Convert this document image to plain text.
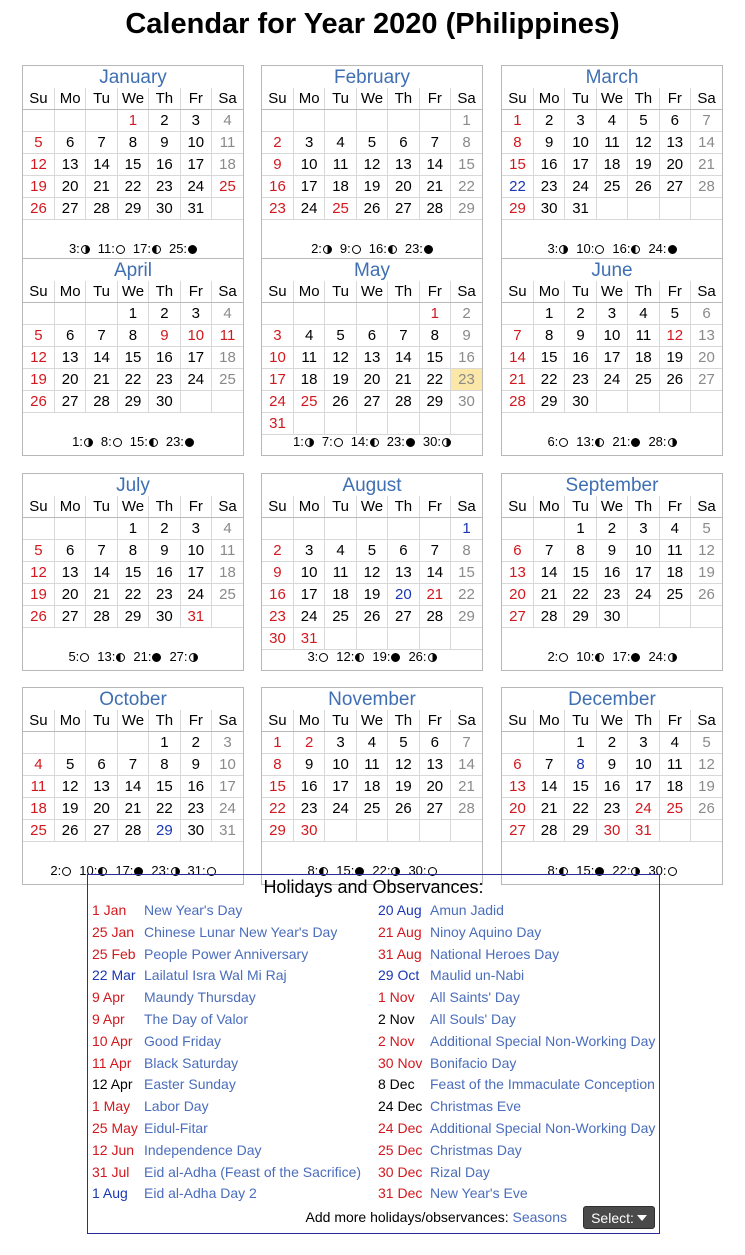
Calendar for Year 2020 (Philippines)
January
Su	Mo	Tu	We	Th	Fr	Sa
			1	2	3	4
5	6	7	8	9	10	11
12	13	14	15	16	17	18
19	20	21	22	23	24	25
26	27	28	29	30	31	
3: 11: 17: 25:
February
Su	Mo	Tu	We	Th	Fr	Sa
						1
2	3	4	5	6	7	8
9	10	11	12	13	14	15
16	17	18	19	20	21	22
23	24	25	26	27	28	29
2: 9: 16: 23:
March
Su	Mo	Tu	We	Th	Fr	Sa
1	2	3	4	5	6	7
8	9	10	11	12	13	14
15	16	17	18	19	20	21
22	23	24	25	26	27	28
29	30	31				
3: 10: 16: 24:
April
Su	Mo	Tu	We	Th	Fr	Sa
			1	2	3	4
5	6	7	8	9	10	11
12	13	14	15	16	17	18
19	20	21	22	23	24	25
26	27	28	29	30		
1: 8: 15: 23:
May
Su	Mo	Tu	We	Th	Fr	Sa
					1	2
3	4	5	6	7	8	9
10	11	12	13	14	15	16
17	18	19	20	21	22	23
24	25	26	27	28	29	30
31						
1: 7: 14: 23: 30:
June
Su	Mo	Tu	We	Th	Fr	Sa
	1	2	3	4	5	6
7	8	9	10	11	12	13
14	15	16	17	18	19	20
21	22	23	24	25	26	27
28	29	30				
6: 13: 21: 28:
July
Su	Mo	Tu	We	Th	Fr	Sa
			1	2	3	4
5	6	7	8	9	10	11
12	13	14	15	16	17	18
19	20	21	22	23	24	25
26	27	28	29	30	31	
5: 13: 21: 27:
August
Su	Mo	Tu	We	Th	Fr	Sa
						1
2	3	4	5	6	7	8
9	10	11	12	13	14	15
16	17	18	19	20	21	22
23	24	25	26	27	28	29
30	31					
3: 12: 19: 26:
September
Su	Mo	Tu	We	Th	Fr	Sa
		1	2	3	4	5
6	7	8	9	10	11	12
13	14	15	16	17	18	19
20	21	22	23	24	25	26
27	28	29	30			
2: 10: 17: 24:
October
Su	Mo	Tu	We	Th	Fr	Sa
				1	2	3
4	5	6	7	8	9	10
11	12	13	14	15	16	17
18	19	20	21	22	23	24
25	26	27	28	29	30	31
2: 10: 17: 23: 31:
November
Su	Mo	Tu	We	Th	Fr	Sa
1	2	3	4	5	6	7
8	9	10	11	12	13	14
15	16	17	18	19	20	21
22	23	24	25	26	27	28
29	30					
8: 15: 22: 30:
December
Su	Mo	Tu	We	Th	Fr	Sa
		1	2	3	4	5
6	7	8	9	10	11	12
13	14	15	16	17	18	19
20	21	22	23	24	25	26
27	28	29	30	31		
8: 15: 22: 30:
Holidays and Observances:
1 Jan New Year's Day
25 Jan Chinese Lunar New Year's Day
25 Feb People Power Anniversary
22 Mar Lailatul Isra Wal Mi Raj
9 Apr Maundy Thursday
9 Apr The Day of Valor
10 Apr Good Friday
11 Apr Black Saturday
12 Apr Easter Sunday
1 May Labor Day
25 May Eidul-Fitar
12 Jun Independence Day
31 Jul Eid al-Adha (Feast of the Sacrifice)
1 Aug Eid al-Adha Day 2
20 Aug Amun Jadid
21 Aug Ninoy Aquino Day
31 Aug National Heroes Day
29 Oct Maulid un-Nabi
1 Nov All Saints' Day
2 Nov All Souls' Day
2 Nov Additional Special Non-Working Day
30 Nov Bonifacio Day
8 Dec Feast of the Immaculate Conception
24 Dec Christmas Eve
24 Dec Additional Special Non-Working Day
25 Dec Christmas Day
30 Dec Rizal Day
31 Dec New Year's Eve
Add more holidays/observances: Seasons	Select:
